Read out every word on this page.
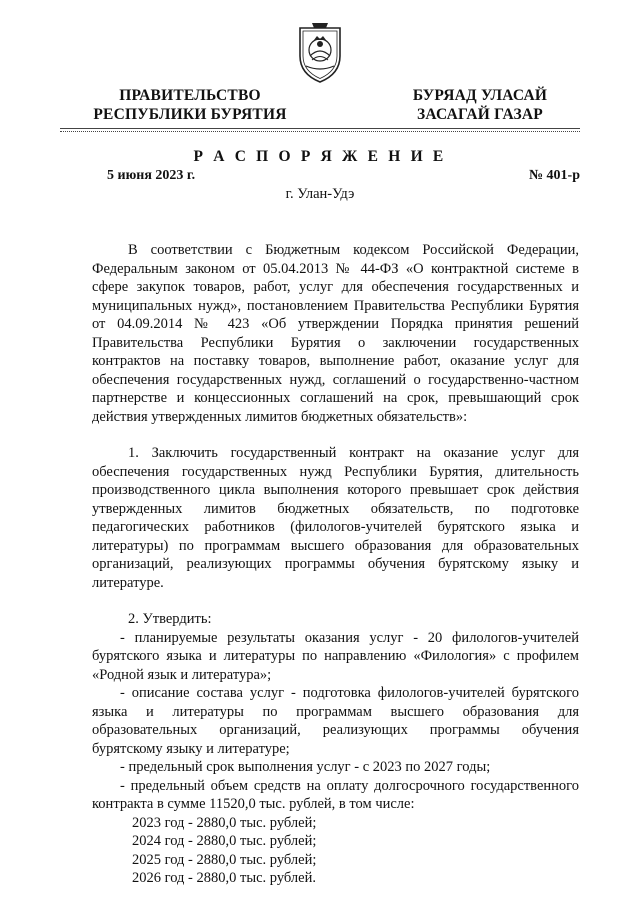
ПРАВИТЕЛЬСТВО
РЕСПУБЛИКИ БУРЯТИЯ
БУРЯАД УЛАСАЙ
ЗАСАГАЙ ГАЗАР
Р А С П О Р Я Ж Е Н И Е
5 июня 2023 г.	№ 401-р
г. Улан-Удэ

В соответствии с Бюджетным кодексом Российской Федерации, Федеральным законом от 05.04.2013 № 44-ФЗ «О контрактной системе в сфере закупок товаров, работ, услуг для обеспечения государственных и муниципальных нужд», постановлением Правительства Республики Бурятия от 04.09.2014 № 423 «Об утверждении Порядка принятия решений Правительства Республики Бурятия о заключении государственных контрактов на поставку товаров, выполнение работ, оказание услуг для обеспечения государственных нужд, соглашений о государственно-частном партнерстве и концессионных соглашений на срок, превышающий срок действия утвержденных лимитов бюджетных обязательств»:

1. Заключить государственный контракт на оказание услуг для обеспечения государственных нужд Республики Бурятия, длительность производственного цикла выполнения которого превышает срок действия утвержденных лимитов бюджетных обязательств, по подготовке педагогических работников (филологов-учителей бурятского языка и литературы) по программам высшего образования для образовательных организаций, реализующих программы обучения бурятскому языку и литературе.

2. Утвердить:

- планируемые результаты оказания услуг - 20 филологов-учителей бурятского языка и литературы по направлению «Филология» с профилем «Родной язык и литература»;

- описание состава услуг - подготовка филологов-учителей бурятского языка и литературы по программам высшего образования для образовательных организаций, реализующих программы обучения бурятскому языку и литературе;

- предельный срок выполнения услуг - с 2023 по 2027 годы;

- предельный объем средств на оплату долгосрочного государственного контракта в сумме 11520,0 тыс. рублей, в том числе:

2023 год - 2880,0 тыс. рублей;

2024 год - 2880,0 тыс. рублей;

2025 год - 2880,0 тыс. рублей;

2026 год - 2880,0 тыс. рублей.
